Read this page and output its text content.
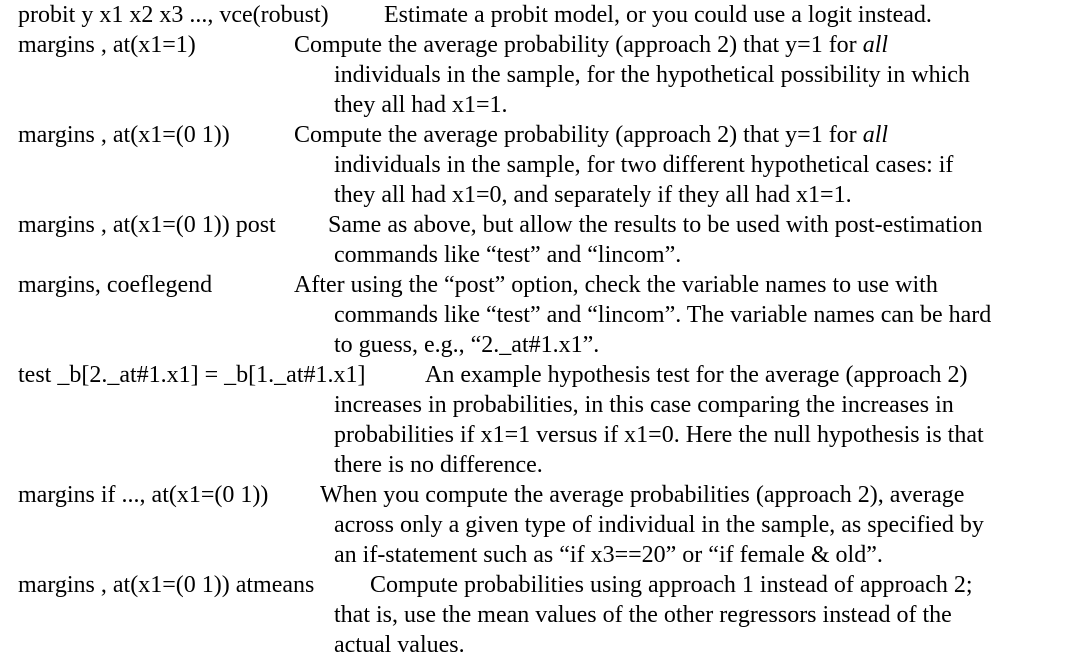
probit y x1 x2 x3 ..., vce(robust) Estimate a probit model, or you could use a logit instead.
margins , at(x1=1)	Compute the average probability (approach 2) that y=1 for all
individuals in the sample, for the hypothetical possibility in which
they all had x1=1.
margins , at(x1=(0 1))	Compute the average probability (approach 2) that y=1 for all
individuals in the sample, for two different hypothetical cases: if
they all had x1=0, and separately if they all had x1=1.
margins , at(x1=(0 1)) post Same as above, but allow the results to be used with post-estimation
commands like “test” and “lincom”.
margins, coeflegend	After using the “post” option, check the variable names to use with
commands like “test” and “lincom”. The variable names can be hard
to guess, e.g., “2._at#1.x1”.
test _b[2._at#1.x1] = _b[1._at#1.x1] An example hypothesis test for the average (approach 2)
increases in probabilities, in this case comparing the increases in
probabilities if x1=1 versus if x1=0. Here the null hypothesis is that
there is no difference.
margins if ..., at(x1=(0 1)) When you compute the average probabilities (approach 2), average
across only a given type of individual in the sample, as specified by
an if-statement such as “if x3==20” or “if female & old”.
margins , at(x1=(0 1)) atmeans Compute probabilities using approach 1 instead of approach 2;
that is, use the mean values of the other regressors instead of the
actual values.
